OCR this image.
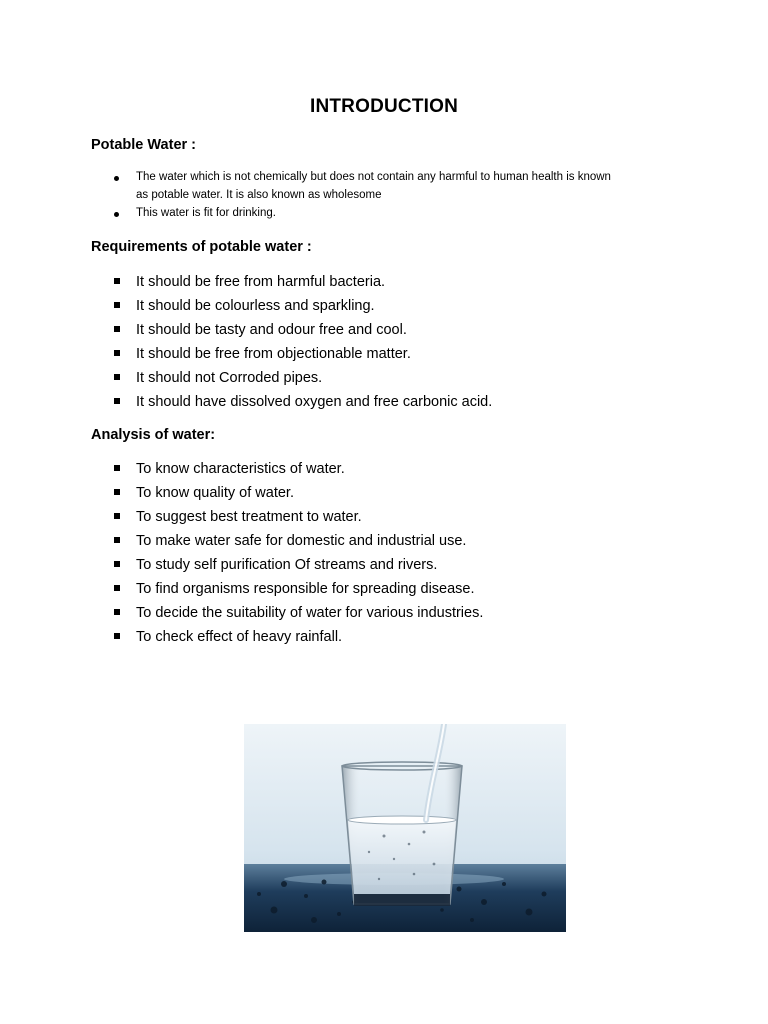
INTRODUCTION
Potable Water :
The water which is not chemically but does not contain any harmful to human health is known
as potable water. It is also known as wholesome
This water is fit for drinking.
Requirements of potable water :
It should be free from harmful bacteria.
It should be colourless and sparkling.
It should be tasty and odour free and cool.
It should be free from objectionable matter.
It should not Corroded pipes.
It should have dissolved oxygen and free carbonic acid.
Analysis of water:
To know characteristics of water.
To know quality of water.
To suggest best treatment to water.
To make water safe for domestic and industrial use.
To study self purification Of streams and rivers.
To find organisms responsible for spreading disease.
To decide the suitability of water for various industries.
To check effect of heavy rainfall.
